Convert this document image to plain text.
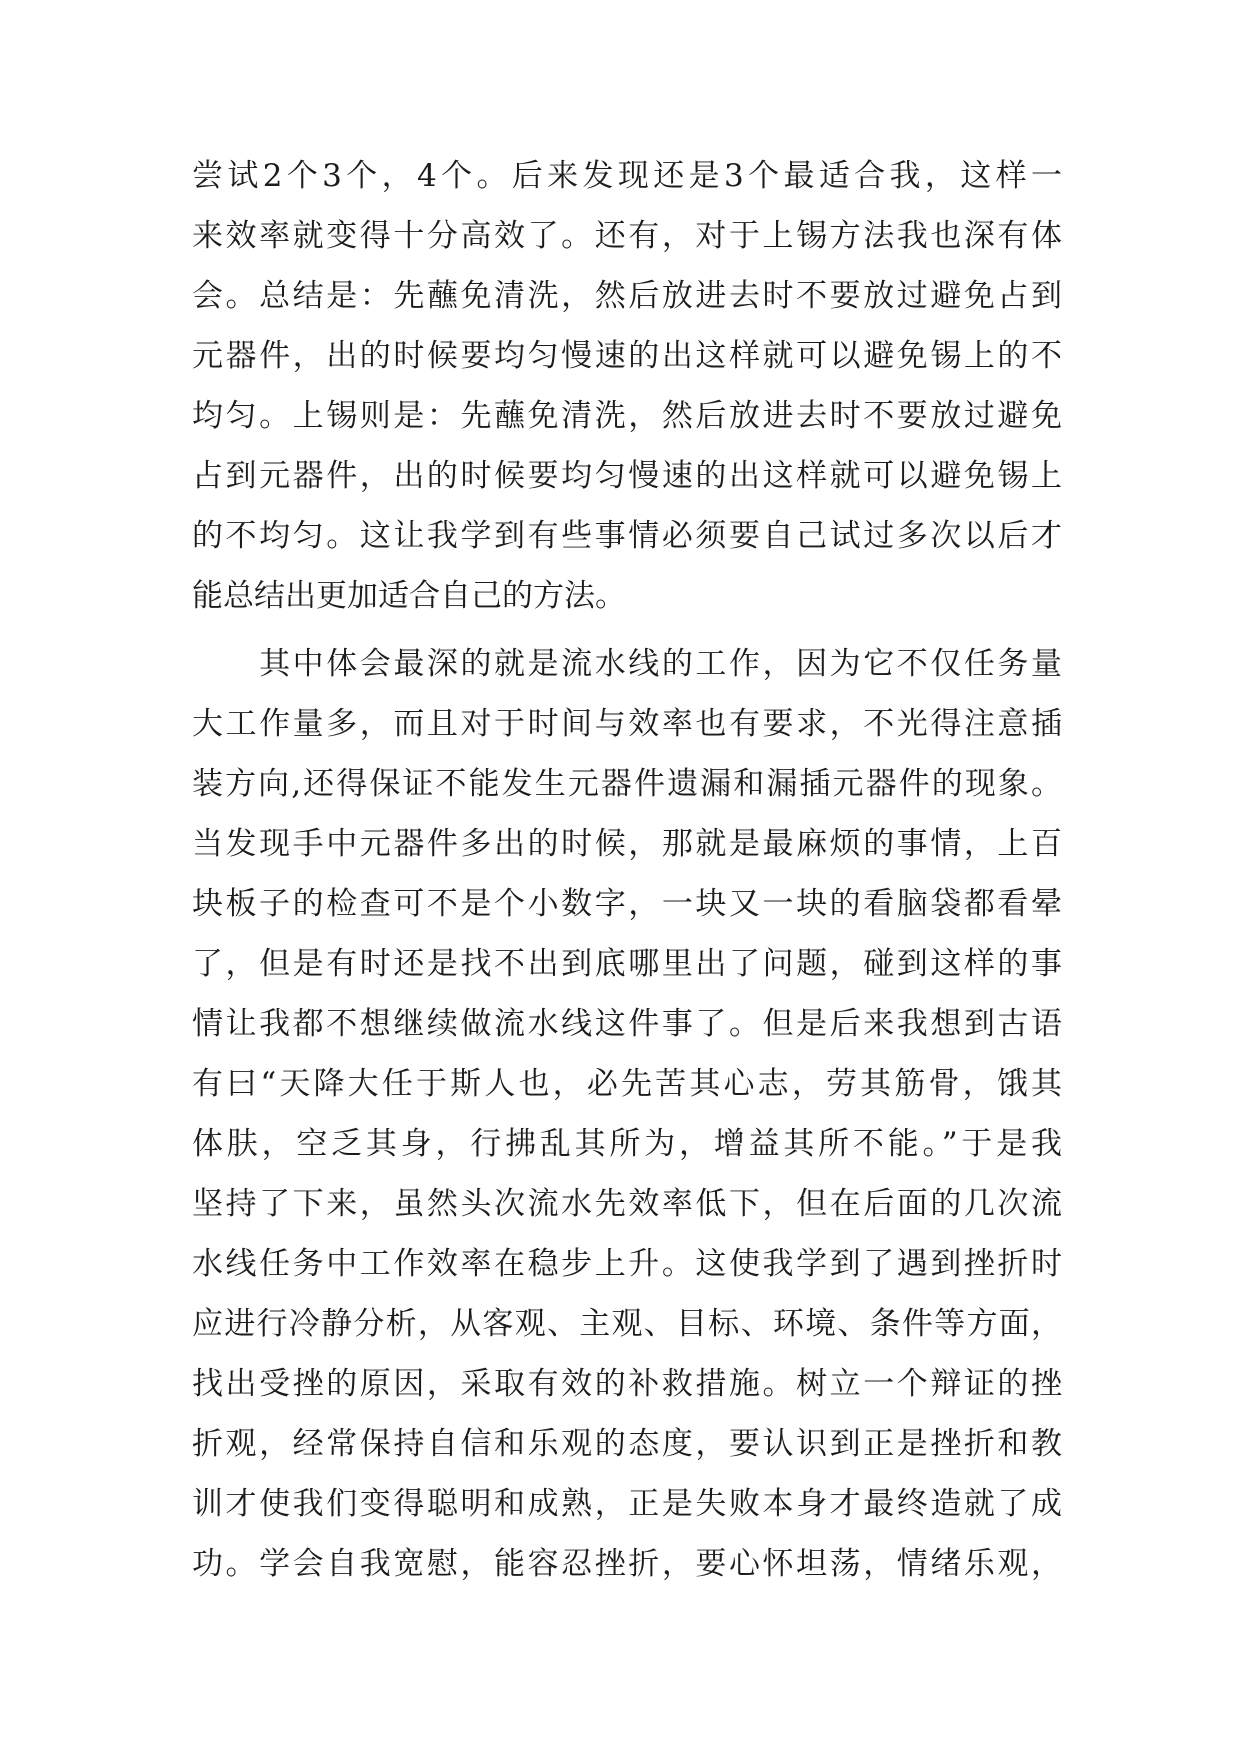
尝试2个3个，4个。后来发现还是3个最适合我，这样一
来效率就变得十分高效了。还有，对于上锡方法我也深有体
会。总结是：先蘸免清洗，然后放进去时不要放过避免占到
元器件，出的时候要均匀慢速的出这样就可以避免锡上的不
均匀。上锡则是：先蘸免清洗，然后放进去时不要放过避免
占到元器件，出的时候要均匀慢速的出这样就可以避免锡上
的不均匀。这让我学到有些事情必须要自己试过多次以后才
能总结出更加适合自己的方法。
　　其中体会最深的就是流水线的工作，因为它不仅任务量
大工作量多，而且对于时间与效率也有要求，不光得注意插
装方向,还得保证不能发生元器件遗漏和漏插元器件的现象。
当发现手中元器件多出的时候，那就是最麻烦的事情，上百
块板子的检查可不是个小数字，一块又一块的看脑袋都看晕
了，但是有时还是找不出到底哪里出了问题，碰到这样的事
情让我都不想继续做流水线这件事了。但是后来我想到古语
有曰“天降大任于斯人也，必先苦其心志，劳其筋骨，饿其
体肤，空乏其身，行拂乱其所为，增益其所不能。”于是我
坚持了下来，虽然头次流水先效率低下，但在后面的几次流
水线任务中工作效率在稳步上升。这使我学到了遇到挫折时
应进行冷静分析，从客观、主观、目标、环境、条件等方面，
找出受挫的原因，采取有效的补救措施。树立一个辩证的挫
折观，经常保持自信和乐观的态度，要认识到正是挫折和教
训才使我们变得聪明和成熟，正是失败本身才最终造就了成
功。学会自我宽慰，能容忍挫折，要心怀坦荡，情绪乐观，
